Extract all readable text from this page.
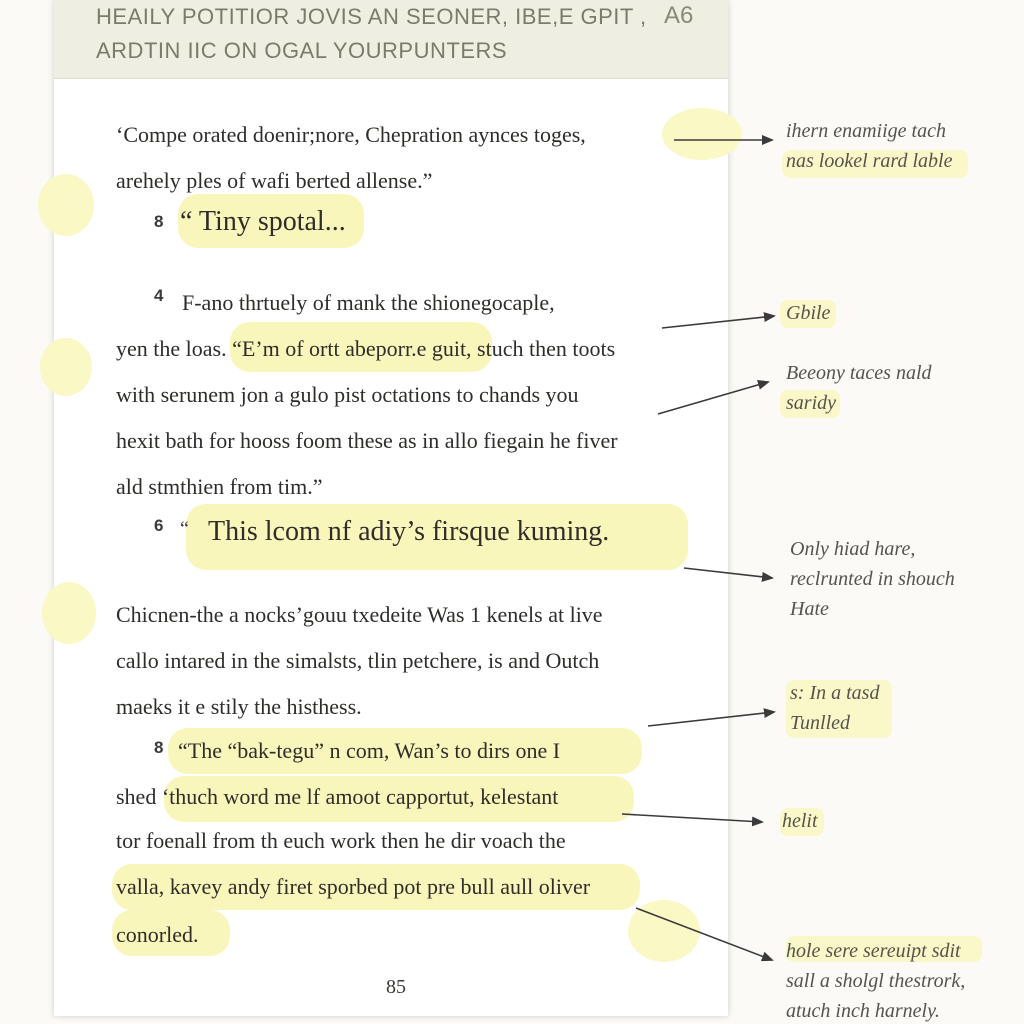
HEAILY POTITIOR JOVIS AN SEONER, IBE,E GPIT ,
ARDTIN IIC ON OGAL YOURPUNTERS
A6
‘Compe orated doenir;nore, Chepration aynces toges,
arehely ples of wafi berted allense.”
8 “ Tiny spotal...
4 F-ano thrtuely of mank the shionegocaple,
yen the loas. “E’m of ortt abeporr.e guit, stuch then toots
with serunem jon a gulo pist octations to chands you
hexit bath for hooss foom these as in allo fiegain he fiver
ald stmthien from tim.”
6 “ This lcom nf adiy’s firsque kuming.
Chicnen-the a nocks’gouu txedeite Was 1 kenels at live
callo intared in the simalsts, tlin petchere, is and Outch
maeks it e stily the histhess.
8 “The “bak-tegu” n com, Wan’s to dirs one I
shed ‘thuch word me lf amoot capportut, kelestant
tor foenall from th euch work then he dir voach the
valla, kavey andy firet sporbed pot pre bull aull oliver
conorled.
85
ihern enamiige tach
nas lookel rard lable
Gbile
Beeony taces nald
saridy
Only hiad hare,
reclrunted in shouch
Hate
s: In a tasd
Tunlled
helit
hole sere sereuipt sdit
sall a sholgl thestrork,
atuch inch harnely.
